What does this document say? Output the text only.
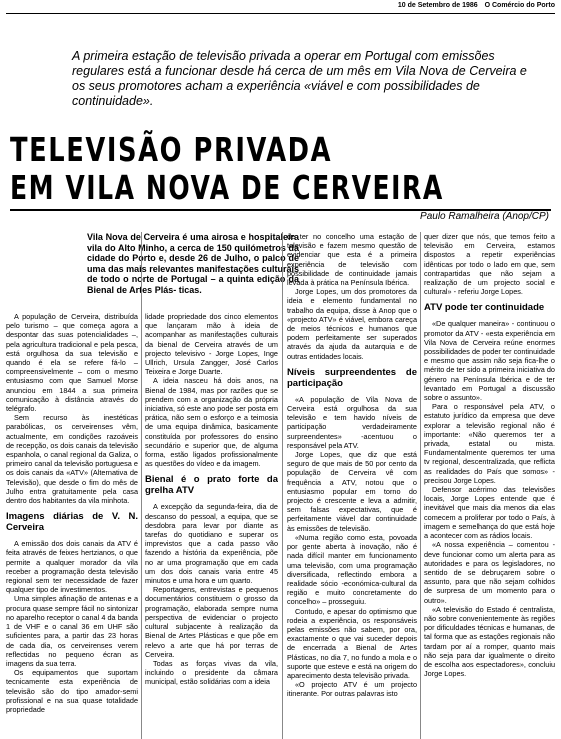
10 de Setembro de 1986 O Comércio do Porto
A primeira estação de televisão privada a operar em Portugal com emissões regulares está a funcionar desde há cerca de um mês em Vila Nova de Cerveira e os seus promotores acham a experiência «viável e com possibilidades de continuidade».
TELEVISÃO PRIVADA
EM VILA NOVA DE CERVEIRA
Paulo Ramalheira (Anop/CP)

Vila Nova de Cerveira é uma airosa e hospitaleira vila do Alto Minho, a cerca de 150 quilómetros da cidade do Porto e, desde 26 de Julho, o palco de uma das mais relevantes manifestações culturais de todo o norte de Portugal – a quinta edição da Bienal de Artes Plás- ticas.

A população de Cerveira, distribuída pelo turismo – que começa agora a despontar das suas potencialidades –, pela agricultura tradicional e pela pesca, está orgulhosa da sua televisão e quando é ela se refere fá-lo – compreensivelmente – com o mesmo entusiasmo com que Samuel Morse anunciou em 1844 a sua primeira comunicação à distância através do telégrafo.

Sem recurso às inestéticas parabólicas, os cerveirenses vêm, actualmente, em condições razoáveis de recepção, os dois canais da televisão espanhola, o canal regional da Galiza, o primeiro canal da televisão portuguesa e os dois canais da «ATV» (Alternativa de Televisão), que desde o fim do mês de Julho entra gratuitamente pela casa dentro dos habitantes da vila minhota.

Imagens diárias de V. N. Cerveira

A emissão dos dois canais da ATV é feita através de feixes hertzianos, o que permite a qualquer morador da vila receber a programação desta televisão regional sem ter necessidade de fazer qualquer tipo de investimentos.

Uma simples afinação de antenas e a procura quase sempre fácil no sintonizar no aparelho receptor o canal 4 da banda 1 de VHF e o canal 36 em UHF são suficientes para, a partir das 23 horas de cada dia, os cerveirenses verem reflectidas no pequeno écran as imagens da sua terra.

Os equipamentos que suportam tecnicamente esta experiência de televisão são do tipo amador-semi profissional e na sua quase totalidade propriedade

lidade propriedade dos cinco elementos que lançaram mão à ideia de acompanhar as manifestações culturais da bienal de Cerveira através de um projecto televisivo - Jorge Lopes, Inge Ullrich, Ursula Zangger, José Carlos Teixeira e Jorge Duarte.

A ideia nasceu há dois anos, na Bienal de 1984, mas por razões que se prendem com a organização da própria iniciativa, só este ano pode ser posta em prática, não sem o esforço e a teimosia de uma equipa dinâmica, basicamente constituída por professores do ensino secundário e superior que, de alguma forma, estão ligados profissionalmente as questões do vídeo e da imagem.

Bienal é o prato forte da grelha ATV

A excepção da segunda-feira, dia de descanso do pessoal, a equipa, que se desdobra para levar por diante as tarefas do quotidiano e superar os imprevistos que a cada passo vão fazendo a história da experiência, põe no ar uma programação que em cada um dos dois canais varia entre 45 minutos e uma hora e um quarto.

Reportagens, entrevistas e pequenos documentários constituem o grosso da programação, elaborada sempre numa perspectiva de evidenciar o projecto cultural subjacente à realização da Bienal de Artes Plásticas e que põe em relevo a arte que há por terras de Cerveira.

Todas as forças vivas da vila, incluindo o presidente da câmara municipal, estão solidárias com a ideia

de ter no concelho uma estação de televisão e fazem mesmo questão de evidenciar que esta é a primeira experiência de televisão com possibilidade de continuidade jamais levada à prática na Península Ibérica.

Jorge Lopes, um dos promotores da ideia e elemento fundamental no trabalho da equipa, disse à Anop que o «projecto ATV» é viável, embora careça de meios técnicos e humanos que podem perfeitamente ser superados através da ajuda da autarquia e de outras entidades locais.

Níveis surpreendentes de participação

«A população de Vila Nova de Cerveira está orgulhosa da sua televisão e tem havido níveis de participação verdadeiramente surpreendentes» -acentuou o responsável pela ATV.

Jorge Lopes, que diz que está seguro de que mais de 50 por cento da população de Cerveira vê com frequência a ATV, notou que o entusiasmo popular em torno do projecto é crescente e leva a admitir, sem falsas expectativas, que é perfeitamente viável dar continuidade às emissões de televisão.

«Numa região como esta, povoada por gente aberta à inovação, não é nada difícil manter em funcionamento uma televisão, com uma programação diversificada, reflectindo embora a realidade sócio -económica-cultural da região e muito concretamente do concelho» – prosseguiu.

Contudo, e apesar do optimismo que rodeia a experiência, os responsáveis pelas emissões não sabem, por ora, exactamente o que vai suceder depois de encerrada a Bienal de Artes Plásticas, no dia 7, no fundo a mola e o suporte que esteve e está na origem do aparecimento desta televisão privada.

«O projecto ATV é um projecto itinerante. Por outras palavras isto

quer dizer que nós, que temos feito a televisão em Cerveira, estamos dispostos a repetir experiências idênticas por todo o lado em que, sem contrapartidas que não sejam a realização de um projecto social e cultural» - referiu Jorge Lopes.

ATV pode ter continuidade

«De qualquer maneira» - continuou o promotor da ATV - «esta experiência em Vila Nova de Cerveira reúne enormes possibilidades de poder ter continuidade e mesmo que assim não seja fica-lhe o mérito de ter sido a primeira iniciativa do género na Península Ibérica e de ter levantado em Portugal a discussão sobre o assunto».

Para o responsável pela ATV, o estatuto jurídico da empresa que deve explorar a televisão regional não é importante: «Não queremos ter a privada, estatal ou mista. Fundamentalmente queremos ter uma tv regional, descentralizada, que reflicta as realidades do País que somos» - precisou Jorge Lopes.

Defensor acérrimo das televisões locais, Jorge Lopes entende que é inevitável que mais dia menos dia elas comecem a proliferar por todo o País, à imagem e semelhança do que está hoje a acontecer com as rádios locais.

«A nossa experiência – comentou - deve funcionar como um alerta para as autoridades e para os legisladores, no sentido de se debruçarem sobre o assunto, para que não sejam colhidos de surpresa de um momento para o outro».

«A televisão do Estado é centralista, não sobre convenientemente às regiões por dificuldades técnicas e humanas, de tal forma que as estações regionais não tardam por aí a romper, quanto mais não seja para dar igualmente o direito de escolha aos espectadores», concluiu Jorge Lopes.
